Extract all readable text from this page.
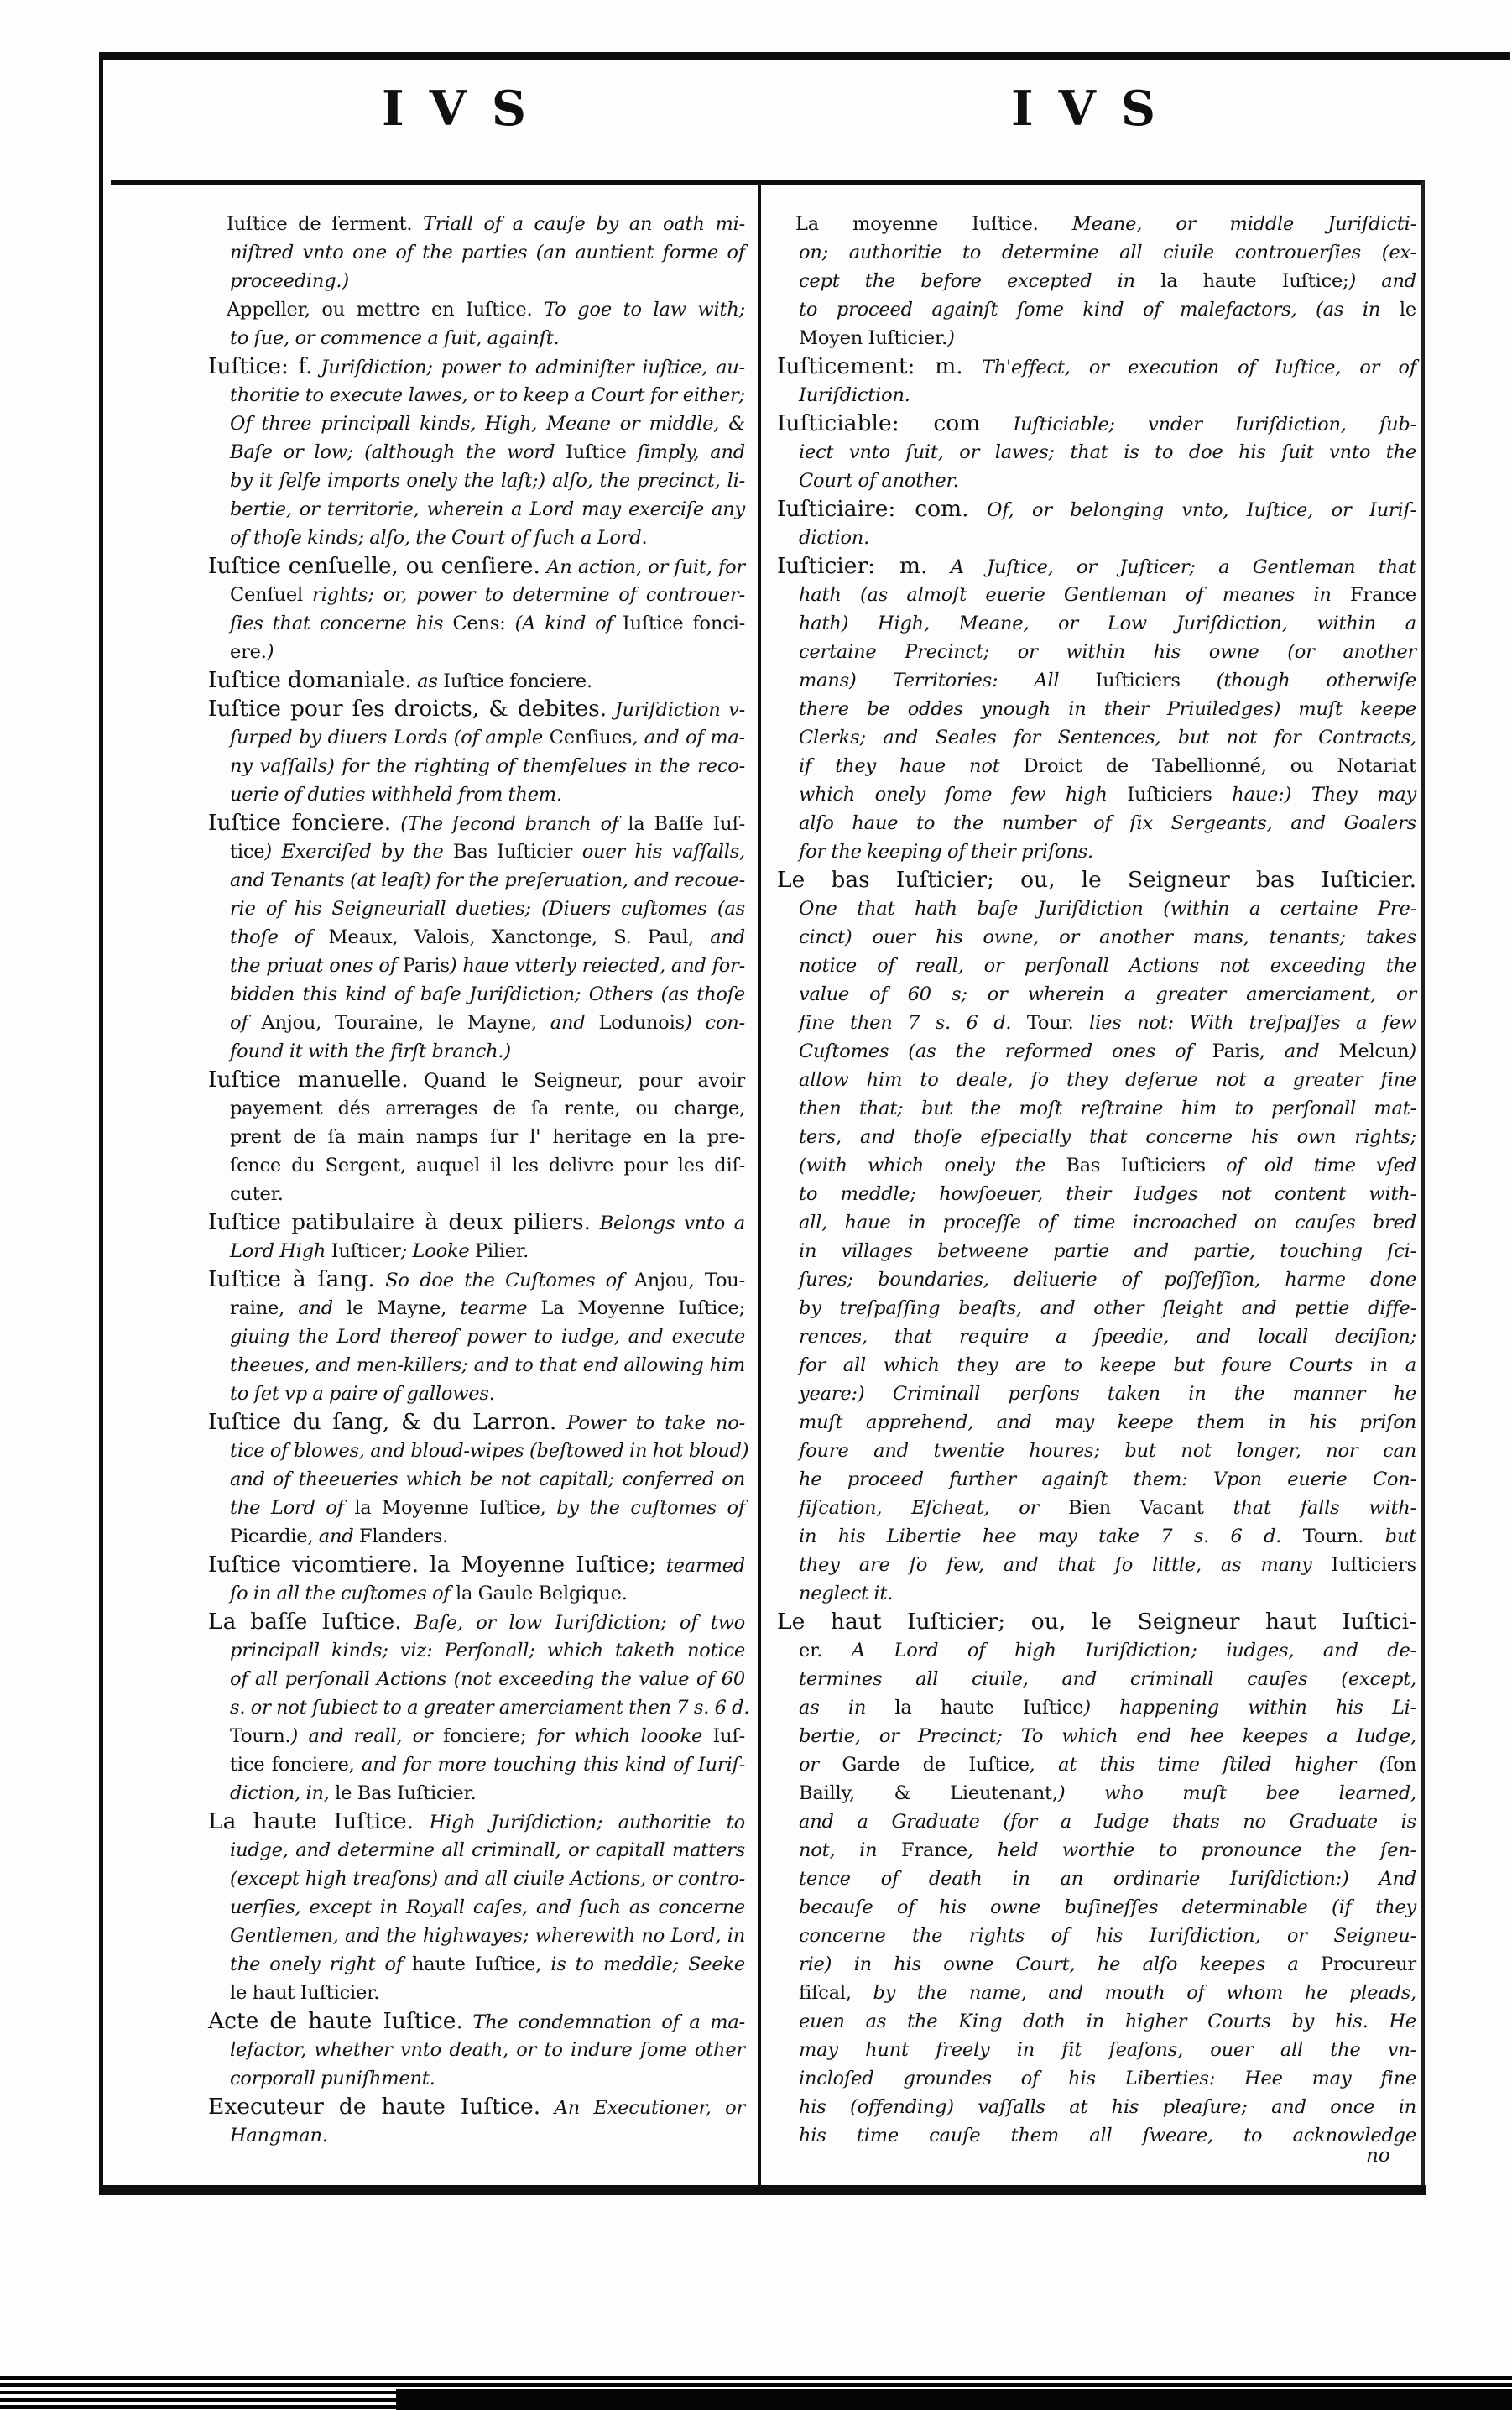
IVS	IVS
Iuſtice de ſerment. Triall of a cauſe by an oath mi-
niſtred vnto one of the parties (an auntient forme of
proceeding.)
Appeller, ou mettre en Iuſtice. To goe to law with;
to ſue, or commence a ſuit, againſt.
Iuſtice: f. Juriſdiction; power to adminiſter iuſtice, au-
thoritie to execute lawes, or to keep a Court for either;
Of three principall kinds, High, Meane or middle, &
Baſe or low; (although the word Iuſtice ſimply, and
by it ſelfe imports onely the laſt;) alſo, the precinct, li-
bertie, or territorie, wherein a Lord may exerciſe any
of thoſe kinds; alſo, the Court of ſuch a Lord.
Iuſtice cenſuelle, ou cenſiere. An action, or ſuit, for
Cenſuel rights; or, power to determine of controuer-
ſies that concerne his Cens: (A kind of Iuſtice fonci-
ere.)
Iuſtice domaniale. as Iuſtice fonciere.
Iuſtice pour ſes droicts, & debites. Juriſdiction v-
ſurped by diuers Lords (of ample Cenſiues, and of ma-
ny vaſſalls) for the righting of themſelues in the reco-
uerie of duties withheld from them.
Iuſtice fonciere. (The ſecond branch of la Baſſe Iuſ-
tice) Exerciſed by the Bas Iuſticier ouer his vaſſalls,
and Tenants (at leaſt) for the preſeruation, and recoue-
rie of his Seigneuriall dueties; (Diuers cuſtomes (as
thoſe of Meaux, Valois, Xanctonge, S. Paul, and
the priuat ones of Paris) haue vtterly reiected, and for-
bidden this kind of baſe Juriſdiction; Others (as thoſe
of Anjou, Touraine, le Mayne, and Lodunois) con-
found it with the firſt branch.)
Iuſtice manuelle. Quand le Seigneur, pour avoir
payement dés arrerages de ſa rente, ou charge,
prent de ſa main namps ſur l' heritage en la pre-
ſence du Sergent, auquel il les delivre pour les diſ-
cuter.
Iuſtice patibulaire à deux piliers. Belongs vnto a
Lord High Iuſticer; Looke Pilier.
Iuſtice à ſang. So doe the Cuſtomes of Anjou, Tou-
raine, and le Mayne, tearme La Moyenne Iuſtice;
giuing the Lord thereof power to iudge, and execute
theeues, and men-killers; and to that end allowing him
to ſet vp a paire of gallowes.
Iuſtice du ſang, & du Larron. Power to take no-
tice of blowes, and bloud-wipes (beſtowed in hot bloud)
and of theeueries which be not capitall; conferred on
the Lord of la Moyenne Iuſtice, by the cuſtomes of
Picardie, and Flanders.
Iuſtice vicomtiere. la Moyenne Iuſtice; tearmed
ſo in all the cuſtomes of la Gaule Belgique.
La baſſe Iuſtice. Baſe, or low Iuriſdiction; of two
principall kinds; viz: Perſonall; which taketh notice
of all perſonall Actions (not exceeding the value of 60
s. or not ſubiect to a greater amerciament then 7 s. 6 d.
Tourn.) and reall, or fonciere; for which loooke Iuſ-
tice fonciere, and for more touching this kind of Iuriſ-
diction, in, le Bas Iuſticier.
La haute Iuſtice. High Juriſdiction; authoritie to
iudge, and determine all criminall, or capitall matters
(except high treaſons) and all ciuile Actions, or contro-
uerſies, except in Royall caſes, and ſuch as concerne
Gentlemen, and the highwayes; wherewith no Lord, in
the onely right of haute Iuſtice, is to meddle; Seeke
le haut Iuſticier.
Acte de haute Iuſtice. The condemnation of a ma-
lefactor, whether vnto death, or to indure ſome other
corporall puniſhment.
Executeur de haute Iuſtice. An Executioner, or
Hangman.
La moyenne Iuſtice. Meane, or middle Juriſdicti-
on; authoritie to determine all ciuile controuerſies (ex-
cept the before excepted in la haute Iuſtice;) and
to proceed againſt ſome kind of malefactors, (as in le
Moyen Iuſticier.)
Iuſticement: m. Th'effect, or execution of Iuſtice, or of
Iuriſdiction.
Iuſticiable: com Iuſticiable; vnder Iuriſdiction, ſub-
iect vnto ſuit, or lawes; that is to doe his ſuit vnto the
Court of another.
Iuſticiaire: com. Of, or belonging vnto, Iuſtice, or Iuriſ-
diction.
Iuſticier: m. A Juſtice, or Juſticer; a Gentleman that
hath (as almoſt euerie Gentleman of meanes in France
hath) High, Meane, or Low Juriſdiction, within a
certaine Precinct; or within his owne (or another
mans) Territories: All Iuſticiers (though otherwiſe
there be oddes ynough in their Priuiledges) muſt keepe
Clerks; and Seales for Sentences, but not for Contracts,
if they haue not Droict de Tabellionné, ou Notariat
which onely ſome few high Iuſticiers haue:) They may
alſo haue to the number of ſix Sergeants, and Goalers
for the keeping of their priſons.
Le bas Iuſticier; ou, le Seigneur bas Iuſticier.
One that hath baſe Juriſdiction (within a certaine Pre-
cinct) ouer his owne, or another mans, tenants; takes
notice of reall, or perſonall Actions not exceeding the
value of 60 s; or wherein a greater amerciament, or
fine then 7 s. 6 d. Tour. lies not: With treſpaſſes a few
Cuſtomes (as the reformed ones of Paris, and Melcun)
allow him to deale, ſo they deſerue not a greater fine
then that; but the moſt reſtraine him to perſonall mat-
ters, and thoſe eſpecially that concerne his own rights;
(with which onely the Bas Iuſticiers of old time vſed
to meddle; howſoeuer, their Iudges not content with-
all, haue in proceſſe of time incroached on cauſes bred
in villages betweene partie and partie, touching ſci-
ſures; boundaries, deliuerie of poſſeſſion, harme done
by treſpaſſing beaſts, and other ſleight and pettie diffe-
rences, that require a ſpeedie, and locall deciſion;
for all which they are to keepe but foure Courts in a
yeare:) Criminall perſons taken in the manner he
muſt apprehend, and may keepe them in his priſon
foure and twentie houres; but not longer, nor can
he proceed further againſt them: Vpon euerie Con-
fiſcation, Eſcheat, or Bien Vacant that falls with-
in his Libertie hee may take 7 s. 6 d. Tourn. but
they are ſo few, and that ſo little, as many Iuſticiers
neglect it.
Le haut Iuſticier; ou, le Seigneur haut Iuſtici-
er. A Lord of high Iuriſdiction; iudges, and de-
termines all ciuile, and criminall cauſes (except,
as in la haute Iuſtice) happening within his Li-
bertie, or Precinct; To which end hee keepes a Iudge,
or Garde de Iuſtice, at this time ſtiled higher (ſon
Bailly, & Lieutenant,) who muſt bee learned,
and a Graduate (for a Iudge thats no Graduate is
not, in France, held worthie to pronounce the ſen-
tence of death in an ordinarie Iuriſdiction:) And
becauſe of his owne buſineſſes determinable (if they
concerne the rights of his Iuriſdiction, or Seigneu-
rie) in his owne Court, he alſo keepes a Procureur
fiſcal, by the name, and mouth of whom he pleads,
euen as the King doth in higher Courts by his. He
may hunt freely in fit ſeaſons, ouer all the vn-
incloſed groundes of his Liberties: Hee may fine
his (offending) vaſſalls at his pleaſure; and once in
his time cauſe them all ſweare, to acknowledge
no
